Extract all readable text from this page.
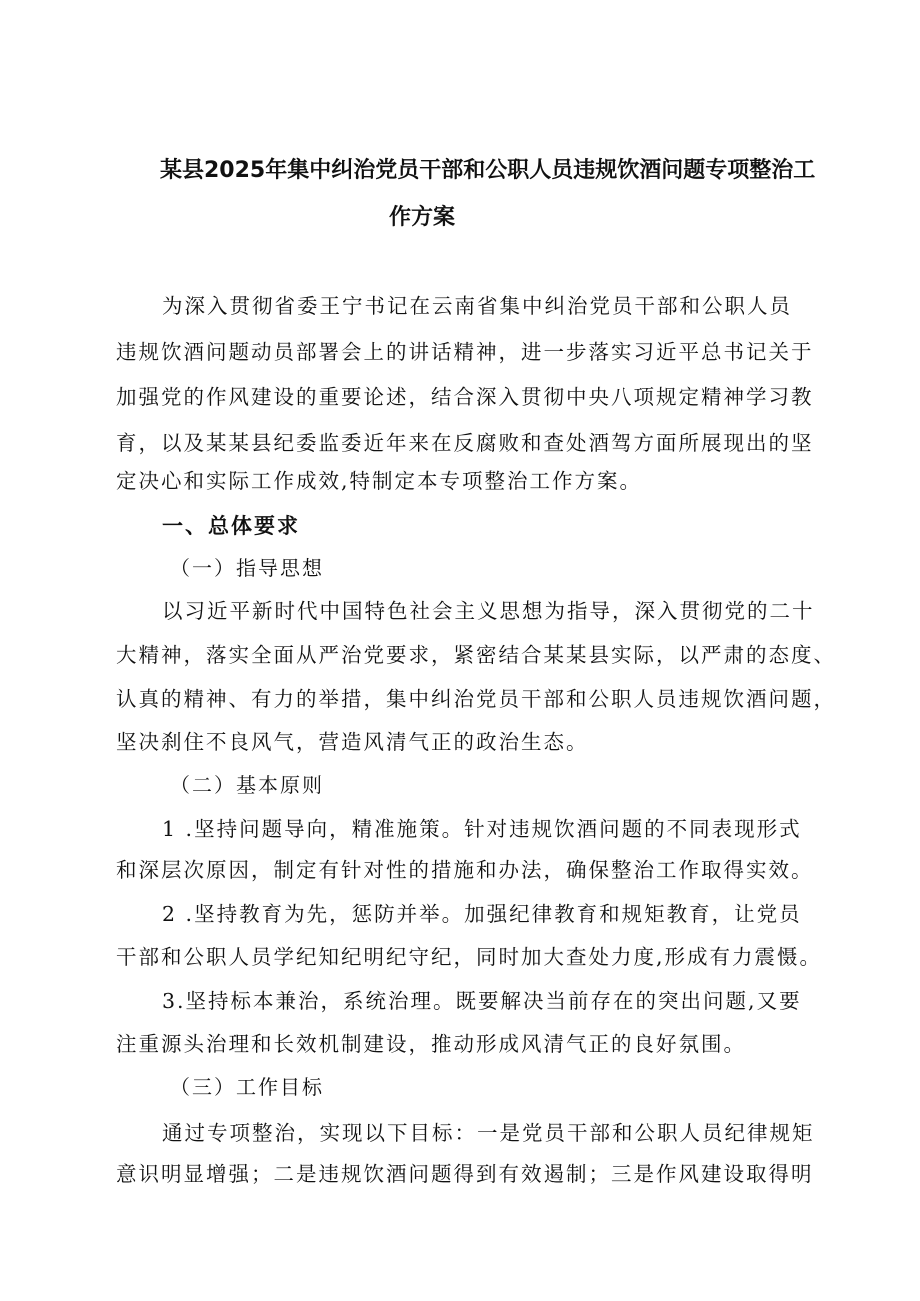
某县2025年集中纠治党员干部和公职人员违规饮酒问题专项整治工
作方案
为深入贯彻省委王宁书记在云南省集中纠治党员干部和公职人员
违规饮酒问题动员部署会上的讲话精神，进一步落实习近平总书记关于
加强党的作风建设的重要论述，结合深入贯彻中央八项规定精神学习教
育，以及某某县纪委监委近年来在反腐败和查处酒驾方面所展现出的坚
定决心和实际工作成效,特制定本专项整治工作方案。
一、总体要求
（一）指导思想
以习近平新时代中国特色社会主义思想为指导，深入贯彻党的二十
大精神，落实全面从严治党要求，紧密结合某某县实际，以严肃的态度、
认真的精神、有力的举措，集中纠治党员干部和公职人员违规饮酒问题，
坚决刹住不良风气，营造风清气正的政治生态。
（二）基本原则
1 .坚持问题导向，精准施策。针对违规饮酒问题的不同表现形式
和深层次原因，制定有针对性的措施和办法，确保整治工作取得实效。
2 .坚持教育为先，惩防并举。加强纪律教育和规矩教育，让党员
干部和公职人员学纪知纪明纪守纪，同时加大查处力度,形成有力震慑。
3.坚持标本兼治，系统治理。既要解决当前存在的突出问题,又要
注重源头治理和长效机制建设，推动形成风清气正的良好氛围。
（三）工作目标
通过专项整治，实现以下目标：一是党员干部和公职人员纪律规矩
意识明显增强；二是违规饮酒问题得到有效遏制；三是作风建设取得明
